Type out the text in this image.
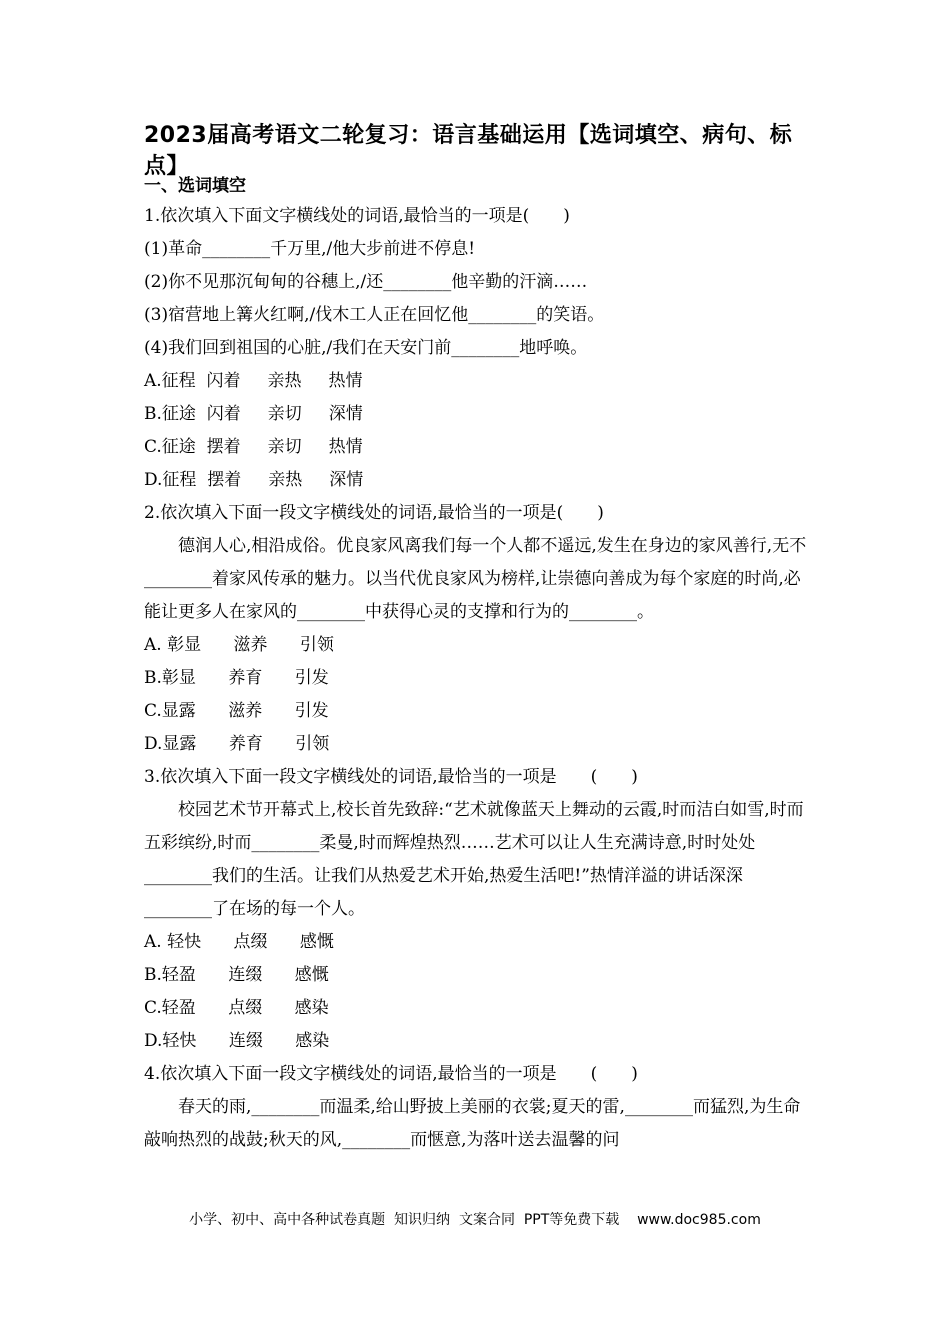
2023届高考语文二轮复习：语言基础运用【选词填空、病句、标点】
一、选词填空
1.依次填入下面文字横线处的词语,最恰当的一项是(　　)
(1)革命________千万里,/他大步前进不停息!
(2)你不见那沉甸甸的谷穗上,/还________他辛勤的汗滴……
(3)宿营地上篝火红啊,/伐木工人正在回忆他________的笑语。
(4)我们回到祖国的心脏,/我们在天安门前________地呼唤。
A.征程  闪着     亲热     热情
B.征途  闪着     亲切     深情
C.征途  摆着     亲切     热情
D.征程  摆着     亲热     深情
2.依次填入下面一段文字横线处的词语,最恰当的一项是(　　)
德润人心,相沿成俗。优良家风离我们每一个人都不遥远,发生在身边的家风善行,无不
________着家风传承的魅力。以当代优良家风为榜样,让崇德向善成为每个家庭的时尚,必能让更多人在家风的________中获得心灵的支撑和行为的________。
A. 彰显      滋养      引领
B.彰显      养育      引发
C.显露      滋养      引发
D.显露      养育      引领
3.依次填入下面一段文字横线处的词语,最恰当的一项是　　(　　)
校园艺术节开幕式上,校长首先致辞:“艺术就像蓝天上舞动的云霞,时而洁白如雪,时而五彩缤纷,时而________柔曼,时而辉煌热烈……艺术可以让人生充满诗意,时时处处
________我们的生活。让我们从热爱艺术开始,热爱生活吧!”热情洋溢的讲话深深________了在场的每一个人。
A. 轻快      点缀      感慨
B.轻盈      连缀      感慨
C.轻盈      点缀      感染
D.轻快      连缀      感染
4.依次填入下面一段文字横线处的词语,最恰当的一项是　　(　　)
春天的雨,________而温柔,给山野披上美丽的衣裳;夏天的雷,________而猛烈,为生命敲响热烈的战鼓;秋天的风,________而惬意,为落叶送去温馨的问
小学、初中、高中各种试卷真题  知识归纳  文案合同  PPT等免费下载    www.doc985.com
